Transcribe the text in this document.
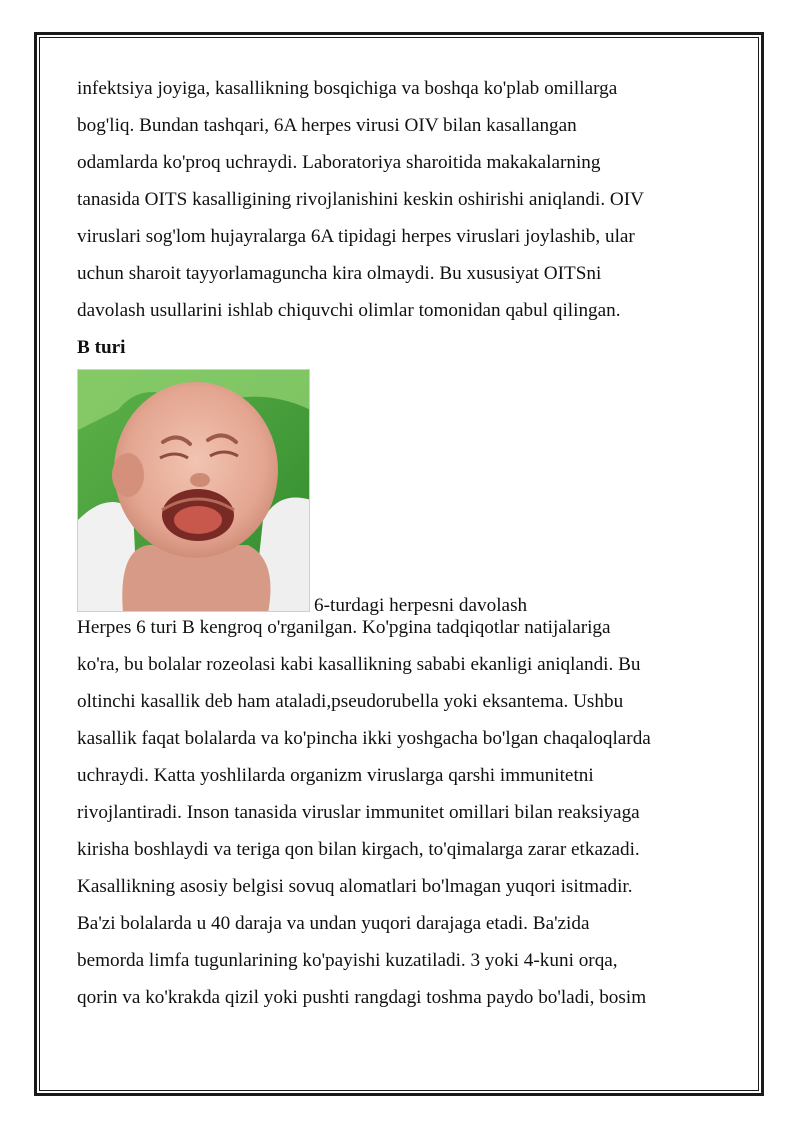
infektsiya joyiga, kasallikning bosqichiga va boshqa ko'plab omillarga
bog'liq. Bundan tashqari, 6A herpes virusi OIV bilan kasallangan
odamlarda ko'proq uchraydi. Laboratoriya sharoitida makakalarning
tanasida OITS kasalligining rivojlanishini keskin oshirishi aniqlandi. OIV
viruslari sog'lom hujayralarga 6A tipidagi herpes viruslari joylashib, ular
uchun sharoit tayyorlamaguncha kira olmaydi. Bu xususiyat OITSni
davolash usullarini ishlab chiquvchi olimlar tomonidan qabul qilingan.

B turi

6-turdagi herpesni davolash

Herpes 6 turi B kengroq o'rganilgan. Ko'pgina tadqiqotlar natijalariga
ko'ra, bu bolalar rozeolasi kabi kasallikning sababi ekanligi aniqlandi. Bu
oltinchi kasallik deb ham ataladi,pseudorubella yoki eksantema. Ushbu
kasallik faqat bolalarda va ko'pincha ikki yoshgacha bo'lgan chaqaloqlarda
uchraydi. Katta yoshlilarda organizm viruslarga qarshi immunitetni
rivojlantiradi. Inson tanasida viruslar immunitet omillari bilan reaksiyaga
kirisha boshlaydi va teriga qon bilan kirgach, to'qimalarga zarar etkazadi.
Kasallikning asosiy belgisi sovuq alomatlari bo'lmagan yuqori isitmadir.
Ba'zi bolalarda u 40 daraja va undan yuqori darajaga etadi. Ba'zida
bemorda limfa tugunlarining ko'payishi kuzatiladi. 3 yoki 4-kuni orqa,
qorin va ko'krakda qizil yoki pushti rangdagi toshma paydo bo'ladi, bosim
